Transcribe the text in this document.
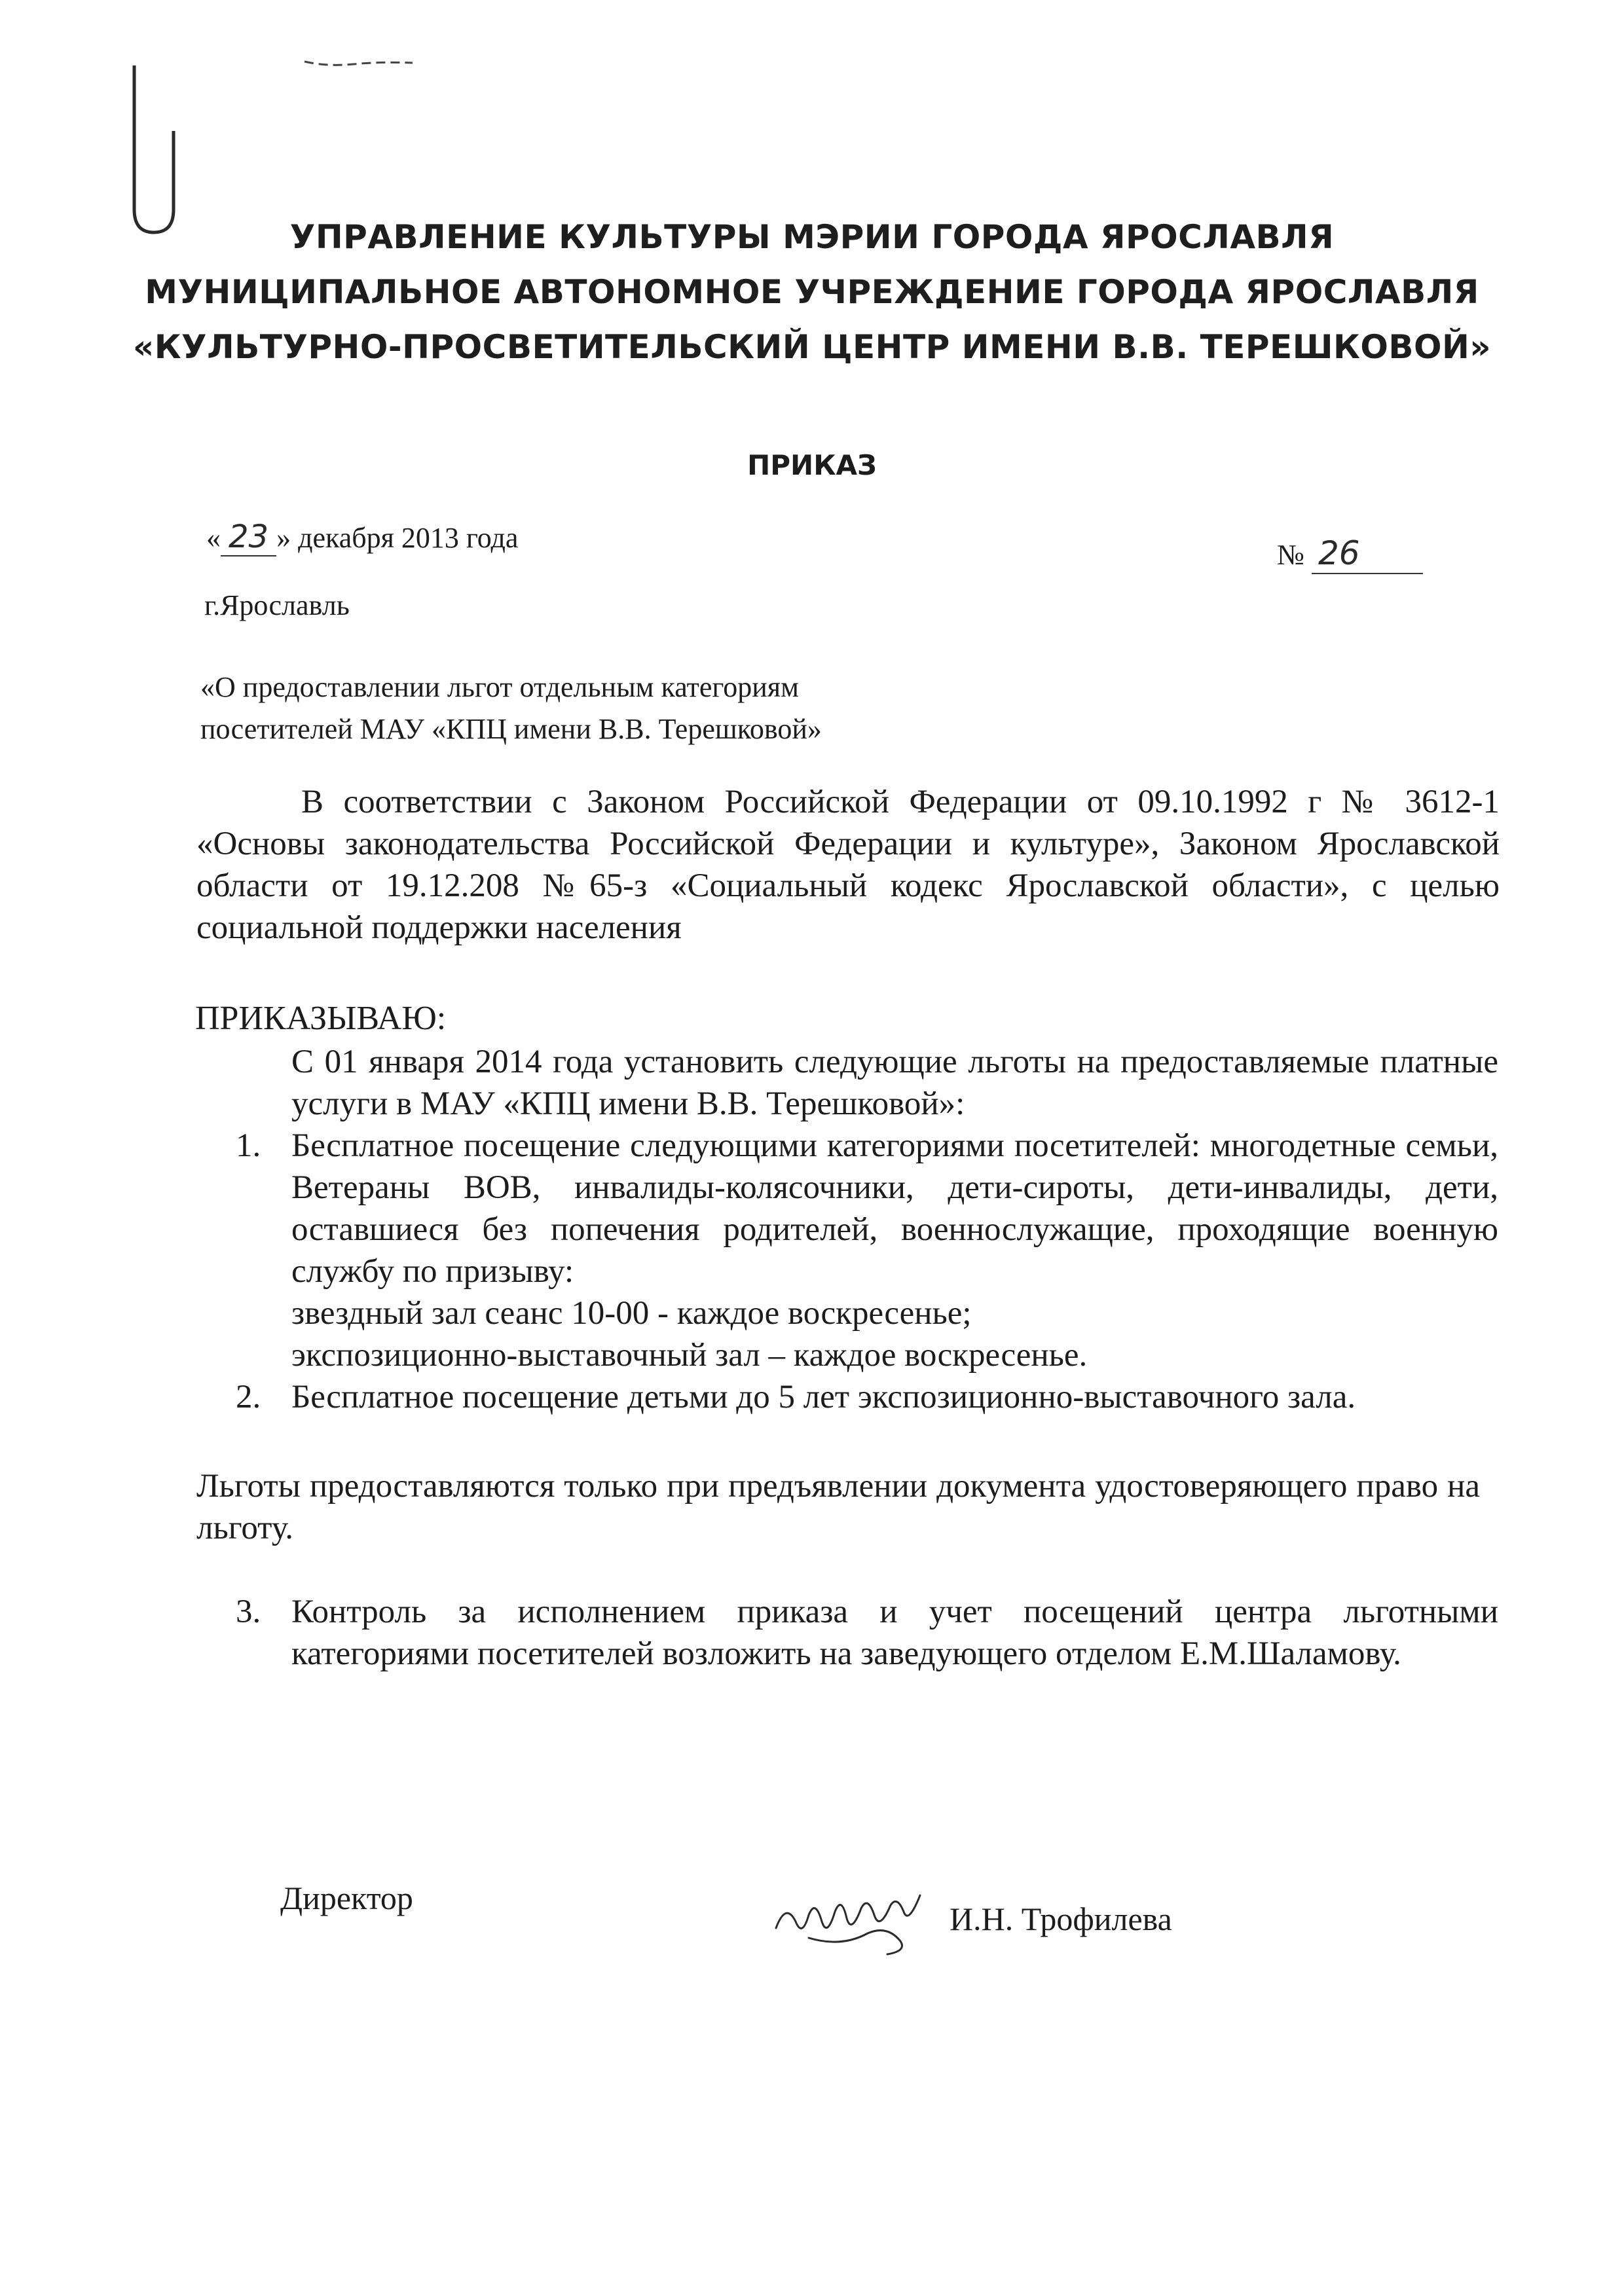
УПРАВЛЕНИЕ КУЛЬТУРЫ МЭРИИ ГОРОДА ЯРОСЛАВЛЯ
МУНИЦИПАЛЬНОЕ АВТОНОМНОЕ УЧРЕЖДЕНИЕ ГОРОДА ЯРОСЛАВЛЯ
«КУЛЬТУРНО-ПРОСВЕТИТЕЛЬСКИЙ ЦЕНТР ИМЕНИ В.В. ТЕРЕШКОВОЙ»
ПРИКАЗ
« 23 » декабря 2013 года
№ 26
г.Ярославль
«О предоставлении льгот отдельным категориям
посетителей МАУ «КПЦ имени В.В. Терешковой»

В соответствии с Законом Российской Федерации от 09.10.1992 г № 3612-1 «Основы законодательства Российской Федерации и культуре», Законом Ярославской области от 19.12.208 №65-з «Социальный кодекс Ярославской области», с целью социальной поддержки населения

ПРИКАЗЫВАЮ:

С 01 января 2014 года установить следующие льготы на предоставляемые платные услуги в МАУ «КПЦ имени В.В. Терешковой»:

1. Бесплатное посещение следующими категориями посетителей: многодетные семьи, Ветераны ВОВ, инвалиды-колясочники, дети-сироты, дети-инвалиды, дети, оставшиеся без попечения родителей, военнослужащие, проходящие военную службу по призыву:

звездный зал сеанс 10-00 - каждое воскресенье;

экспозиционно-выставочный зал – каждое воскресенье.

2. Бесплатное посещение детьми до 5 лет экспозиционно-выставочного зала.

Льготы предоставляются только при предъявлении документа удостоверяющего право на льготу.
3. Контроль за исполнением приказа и учет посещений центра льготными категориями посетителей возложить на заведующего отделом Е.М.Шаламову.

Директор
И.Н. Трофилева
